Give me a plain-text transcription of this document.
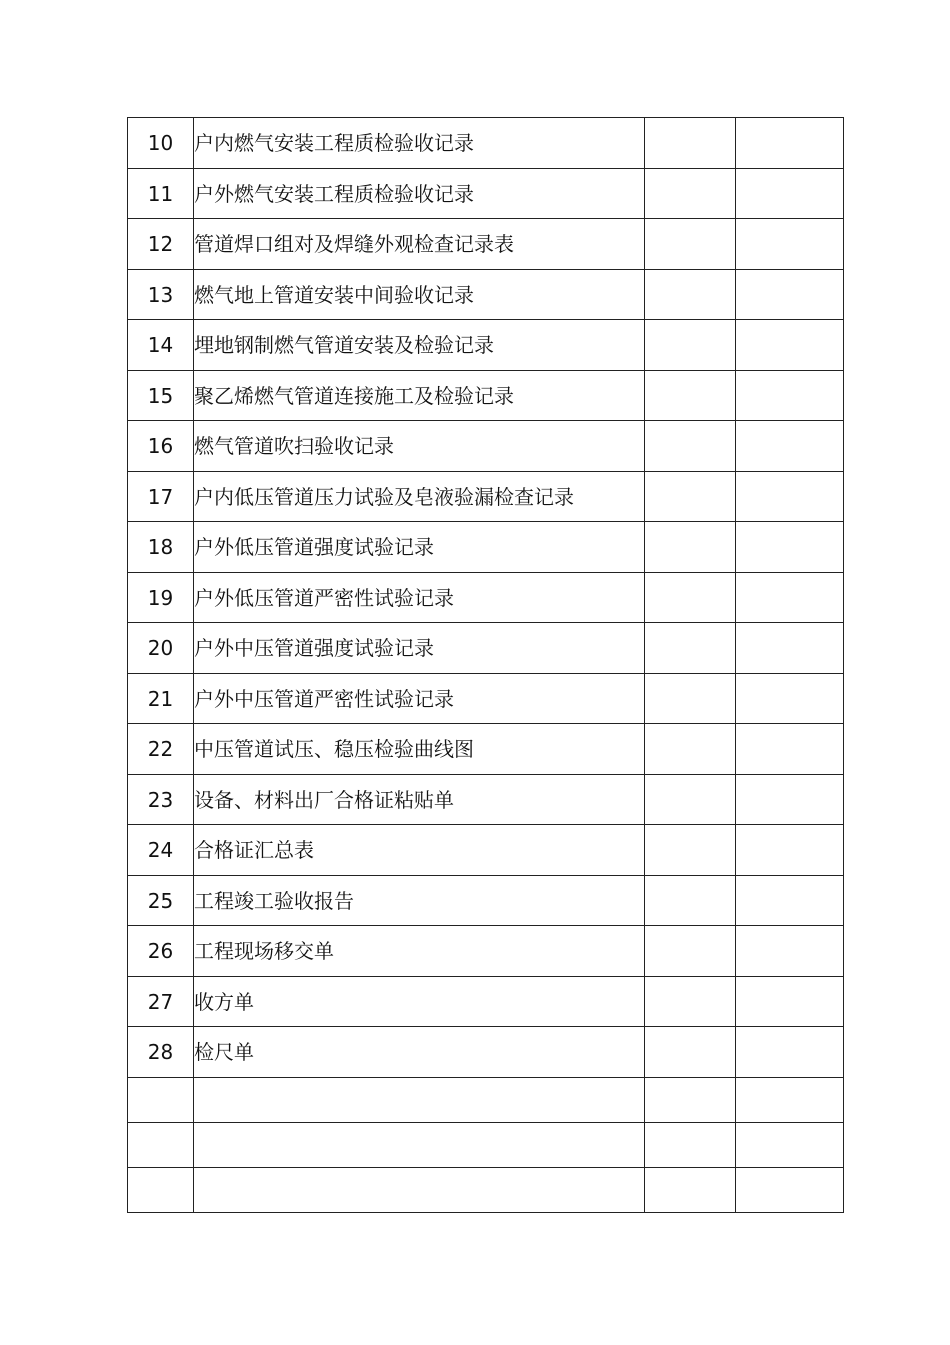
10	户内燃气安装工程质检验收记录		
11	户外燃气安装工程质检验收记录		
12	管道焊口组对及焊缝外观检查记录表		
13	燃气地上管道安装中间验收记录		
14	埋地钢制燃气管道安装及检验记录		
15	聚乙烯燃气管道连接施工及检验记录		
16	燃气管道吹扫验收记录		
17	户内低压管道压力试验及皂液验漏检查记录		
18	户外低压管道强度试验记录		
19	户外低压管道严密性试验记录		
20	户外中压管道强度试验记录		
21	户外中压管道严密性试验记录		
22	中压管道试压、稳压检验曲线图		
23	设备、材料出厂合格证粘贴单		
24	合格证汇总表		
25	工程竣工验收报告		
26	工程现场移交单		
27	收方单		
28	检尺单		
